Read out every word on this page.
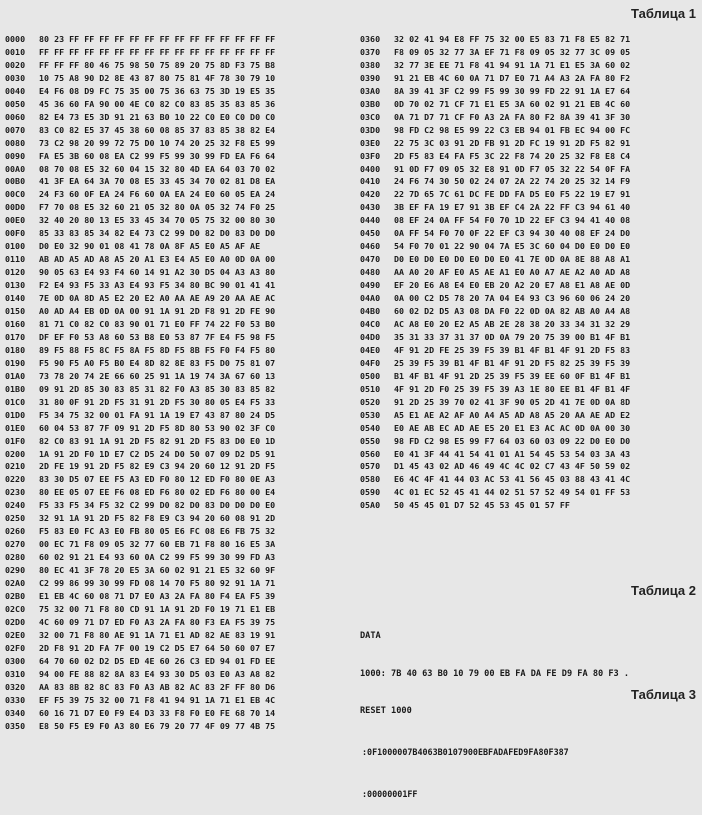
Таблица 1
0000 80 23 FF FF FF FF FF FF FF FF FF FF FF FF FF FF
0010 FF FF FF FF FF FF FF FF FF FF FF FF FF FF FF FF
0020 FF FF FF 80 46 75 98 50 75 89 20 75 8D F3 75 B8
0030 10 75 A8 90 D2 8E 43 87 80 75 81 4F 78 30 79 10
0040 E4 F6 08 D9 FC 75 35 00 75 36 63 75 3D 19 E5 35
0050 45 36 60 FA 90 00 4E C0 82 C0 83 85 35 83 85 36
0060 82 E4 73 E5 3D 91 21 63 B0 10 22 C0 E0 C0 D0 C0
0070 83 C0 82 E5 37 45 38 60 08 85 37 83 85 38 82 E4
0080 73 C2 98 20 99 72 75 D0 10 74 20 25 32 F8 E5 99
0090 FA E5 3B 60 08 EA C2 99 F5 99 30 99 FD EA F6 64
00A0 08 70 08 E5 32 60 04 15 32 80 4D EA 64 03 70 02
00B0 41 3F EA 64 3A 70 08 E5 33 45 34 70 02 81 D8 EA
00C0 24 F3 60 0F EA 24 F6 60 0A EA 24 E0 60 05 EA 24
00D0 F7 70 08 E5 32 60 21 05 32 80 0A 05 32 74 F0 25
00E0 32 40 20 80 13 E5 33 45 34 70 05 75 32 00 80 30
00F0 85 33 83 85 34 82 E4 73 C2 99 D0 82 D0 83 D0 D0
0100 D0 E0 32 90 01 08 41 78 0A 8F A5 E0 A5 AF AE
0110 AB AD A5 AD A8 A5 20 A1 E3 E4 A5 E0 A0 0D 0A 00
0120 90 05 63 E4 93 F4 60 14 91 A2 30 D5 04 A3 A3 80
0130 F2 E4 93 F5 33 A3 E4 93 F5 34 80 BC 90 01 41 41
0140 7E 0D 0A 8D A5 E2 20 E2 A0 AA AE A9 20 AA AE AC
0150 A0 AD A4 EB 0D 0A 00 91 1A 91 2D F8 91 2D FE 90
0160 81 71 C0 82 C0 83 90 01 71 E0 FF 74 22 F0 53 B0
0170 DF EF F0 53 A8 60 53 B8 E0 53 87 7F E4 F5 98 F5
0180 89 F5 88 F5 8C F5 8A F5 8D F5 8B F5 F0 F4 F5 80
0190 F5 90 F5 A0 F5 B0 E4 8D 82 8E 83 F5 D0 75 81 07
01A0 73 78 20 74 2E 66 60 25 91 1A 19 74 3A 67 60 13
01B0 09 91 2D 85 30 83 85 31 82 F0 A3 85 30 83 85 82
01C0 31 80 0F 91 2D F5 31 91 2D F5 30 80 05 E4 F5 33
01D0 F5 34 75 32 00 01 FA 91 1A 19 E7 43 87 80 24 D5
01E0 60 04 53 87 7F 09 91 2D F5 8D 80 53 90 02 3F C0
01F0 82 C0 83 91 1A 91 2D F5 82 91 2D F5 83 D0 E0 1D
0200 1A 91 2D F0 1D E7 C2 D5 24 D0 50 07 09 D2 D5 91
0210 2D FE 19 91 2D F5 82 E9 C3 94 20 60 12 91 2D F5
0220 83 30 D5 07 EE F5 A3 ED F0 80 12 ED F0 80 0E A3
0230 80 EE 05 07 EE F6 08 ED F6 80 02 ED F6 80 00 E4
0240 F5 33 F5 34 F5 32 C2 99 D0 82 D0 83 D0 D0 D0 E0
0250 32 91 1A 91 2D F5 82 F8 E9 C3 94 20 60 08 91 2D
0260 F5 83 E0 FC A3 E0 FB 80 05 E6 FC 08 E6 FB 75 32
0270 00 EC 71 F8 09 05 32 77 60 EB 71 F8 80 16 E5 3A
0280 60 02 91 21 E4 93 60 0A C2 99 F5 99 30 99 FD A3
0290 80 EC 41 3F 78 20 E5 3A 60 02 91 21 E5 32 60 9F
02A0 C2 99 86 99 30 99 FD 08 14 70 F5 80 92 91 1A 71
02B0 E1 EB 4C 60 08 71 D7 E0 A3 2A FA 80 F4 EA F5 39
02C0 75 32 00 71 F8 80 CD 91 1A 91 2D F0 19 71 E1 EB
02D0 4C 60 09 71 D7 ED F0 A3 2A FA 80 F3 EA F5 39 75
02E0 32 00 71 F8 80 AE 91 1A 71 E1 AD 82 AE 83 19 91
02F0 2D F8 91 2D FA 7F 00 19 C2 D5 E7 64 50 60 07 E7
0300 64 70 60 02 D2 D5 ED 4E 60 26 C3 ED 94 01 FD EE
0310 94 00 FE 88 82 8A 83 E4 93 30 D5 03 E0 A3 A8 82
0320 AA 83 8B 82 8C 83 F0 A3 AB 82 AC 83 2F FF 80 D6
0330 EF F5 39 75 32 00 71 F8 41 94 91 1A 71 E1 EB 4C
0340 60 16 71 D7 E0 F9 E4 D3 33 F8 F0 E0 FE 68 70 14
0350 E8 50 F5 E9 F0 A3 80 E6 79 20 77 4F 09 77 4B 75
0360 32 02 41 94 E8 FF 75 32 00 E5 83 71 F8 E5 82 71
0370 F8 09 05 32 77 3A EF 71 F8 09 05 32 77 3C 09 05
0380 32 77 3E EE 71 F8 41 94 91 1A 71 E1 E5 3A 60 02
0390 91 21 EB 4C 60 0A 71 D7 E0 71 A4 A3 2A FA 80 F2
03A0 8A 39 41 3F C2 99 F5 99 30 99 FD 22 91 1A E7 64
03B0 0D 70 02 71 CF 71 E1 E5 3A 60 02 91 21 EB 4C 60
03C0 0A 71 D7 71 CF F0 A3 2A FA 80 F2 8A 39 41 3F 30
03D0 98 FD C2 98 E5 99 22 C3 EB 94 01 FB EC 94 00 FC
03E0 22 75 3C 03 91 2D FB 91 2D FC 19 91 2D F5 82 91
03F0 2D F5 83 E4 FA F5 3C 22 F8 74 20 25 32 F8 E8 C4
0400 91 0D F7 09 05 32 E8 91 0D F7 05 32 22 54 0F FA
0410 24 F6 74 30 50 02 24 07 2A 22 74 20 25 32 14 F9
0420 22 7D 65 7C 61 DC FE DD FA D5 E0 F5 22 19 E7 91
0430 3B EF FA 19 E7 91 3B EF C4 2A 22 FF C3 94 61 40
0440 08 EF 24 0A FF 54 F0 70 1D 22 EF C3 94 41 40 08
0450 0A FF 54 F0 70 0F 22 EF C3 94 30 40 08 EF 24 D0
0460 54 F0 70 01 22 90 04 7A E5 3C 60 04 D0 E0 D0 E0
0470 D0 E0 D0 E0 D0 E0 D0 E0 41 7E 0D 0A 8E 88 A8 A1
0480 AA A0 20 AF E0 A5 AE A1 E0 A0 A7 AE A2 A0 AD A8
0490 EF 20 E6 A8 E4 E0 EB 20 A2 20 E7 A8 E1 A8 AE 0D
04A0 0A 00 C2 D5 78 20 7A 04 E4 93 C3 96 60 06 24 20
04B0 60 02 D2 D5 A3 08 DA F0 22 0D 0A 82 AB A0 A4 A8
04C0 AC A8 E0 20 E2 A5 AB 2E 28 38 20 33 34 31 32 29
04D0 35 31 33 37 31 37 0D 0A 79 20 75 39 00 B1 4F B1
04E0 4F 91 2D FE 25 39 F5 39 B1 4F B1 4F 91 2D F5 83
04F0 25 39 F5 39 B1 4F B1 4F 91 2D F5 82 25 39 F5 39
0500 B1 4F B1 4F 91 2D 25 39 F5 39 EE 60 0F B1 4F B1
0510 4F 91 2D F0 25 39 F5 39 A3 1E 80 EE B1 4F B1 4F
0520 91 2D 25 39 70 02 41 3F 90 05 2D 41 7E 0D 0A 8D
0530 A5 E1 AE A2 AF A0 A4 A5 AD A8 A5 20 AA AE AD E2
0540 E0 AE AB EC AD AE E5 20 E1 E3 AC AC 0D 0A 00 30
0550 98 FD C2 98 E5 99 F7 64 03 60 03 09 22 D0 E0 D0
0560 E0 41 3F 44 41 54 41 01 A1 54 45 53 54 03 3A 43
0570 D1 45 43 02 AD 46 49 4C 4C 02 C7 43 4F 50 59 02
0580 E6 4C 4F 41 44 03 AC 53 41 56 45 03 88 43 41 4C
0590 4C 01 EC 52 45 41 44 02 51 57 52 49 54 01 FF 53
05A0 50 45 45 01 D7 52 45 53 45 01 57 FF
Таблица 2

DATA

1000: 7B 40 63 B0 10 79 00 EB FA DA FE D9 FA 80 F3 .

RESET 1000

Таблица 3

:0F1000007B4063B0107900EBFADAFED9FA80F387

:00000001FF
